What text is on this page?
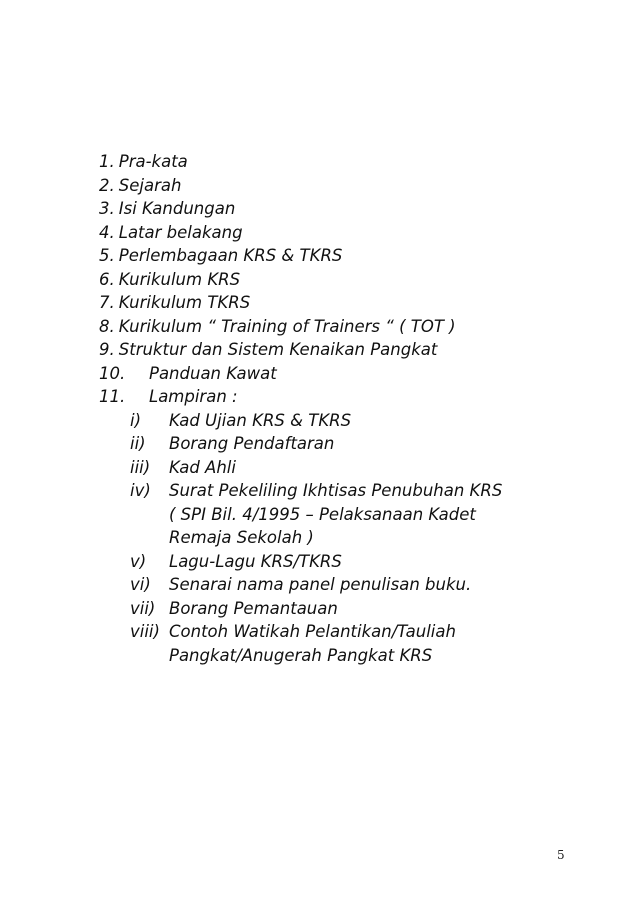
1. Pra-kata
2. Sejarah
3. Isi Kandungan
4. Latar belakang
5. Perlembagaan KRS & TKRS
6. Kurikulum KRS
7. Kurikulum TKRS
8. Kurikulum “ Training of Trainers “ ( TOT )
9. Struktur dan Sistem Kenaikan Pangkat
10. Panduan Kawat
11. Lampiran :
i) Kad Ujian KRS & TKRS
ii) Borang Pendaftaran
iii) Kad Ahli
iv) Surat Pekeliling Ikhtisas Penubuhan KRS
( SPI Bil. 4/1995 – Pelaksanaan Kadet
Remaja Sekolah )
v) Lagu-Lagu KRS/TKRS
vi) Senarai nama panel penulisan buku.
vii) Borang Pemantauan
viii) Contoh Watikah Pelantikan/Tauliah
Pangkat/Anugerah Pangkat KRS
5
